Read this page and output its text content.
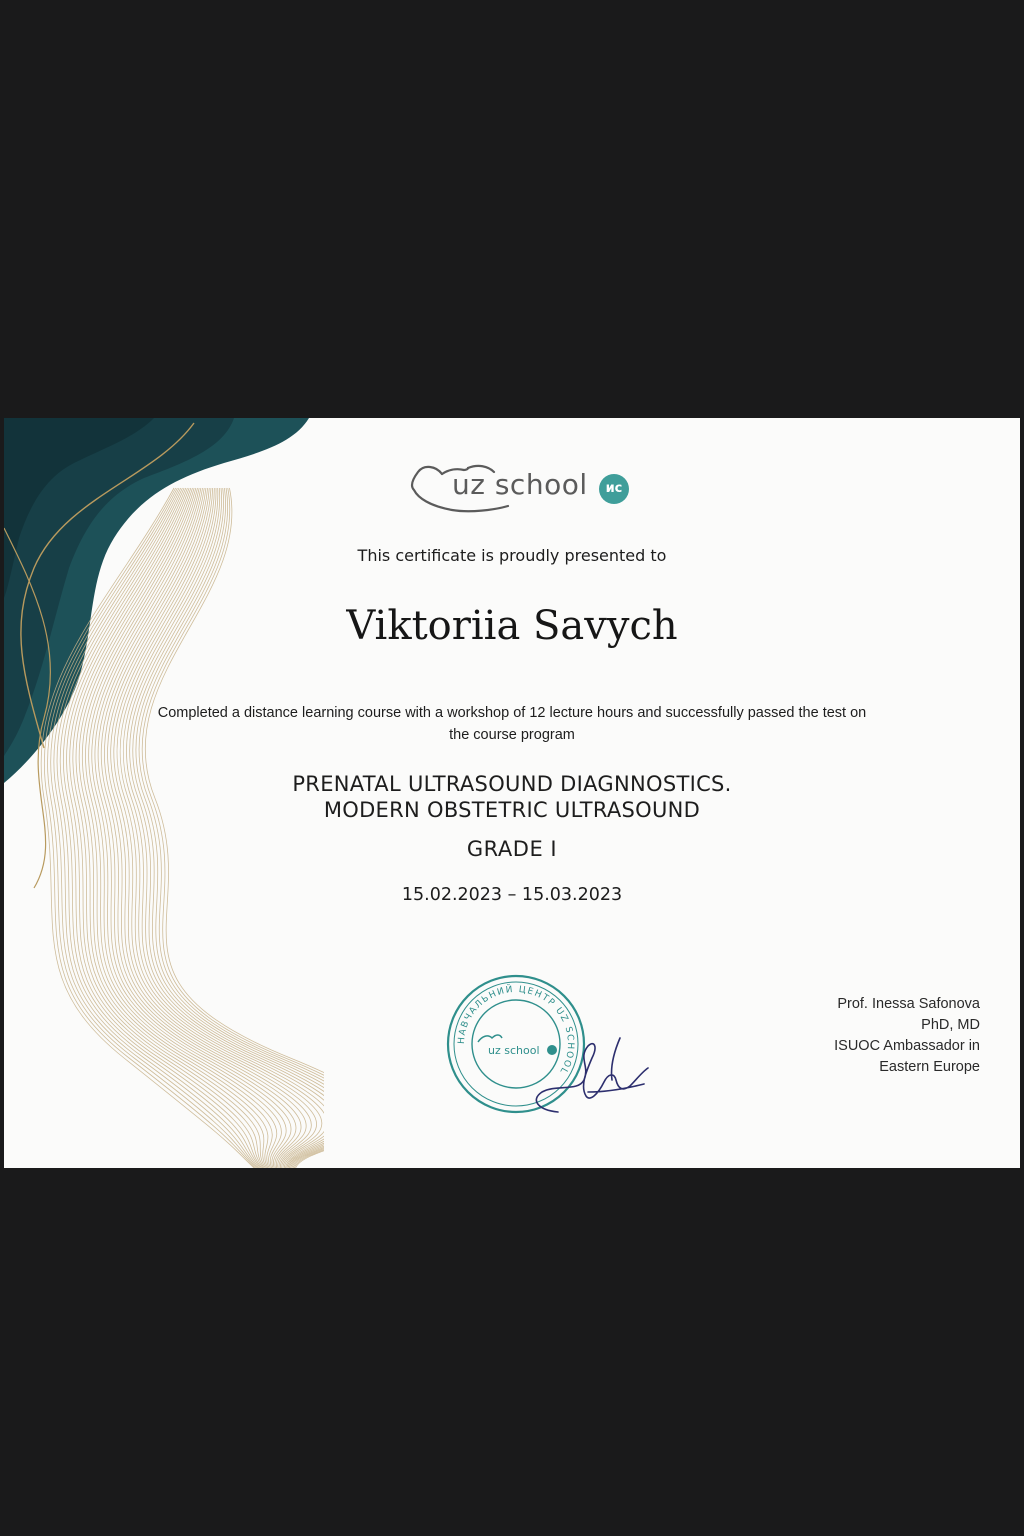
uz school	ис
This certificate is proudly presented to
Viktoriia Savych
Completed a distance learning course with a workshop of 12 lecture hours and successfully passed the test on the course program
PRENATAL ULTRASOUND DIAGNNOSTICS.
MODERN OBSTETRIC ULTRASOUND
GRADE I
15.02.2023 – 15.03.2023
НАВЧАЛЬНИЙ ЦЕНТР UZ SCHOOL
uz school
Prof. Inessa Safonova
PhD, MD
ISUOC Ambassador in
Eastern Europe
